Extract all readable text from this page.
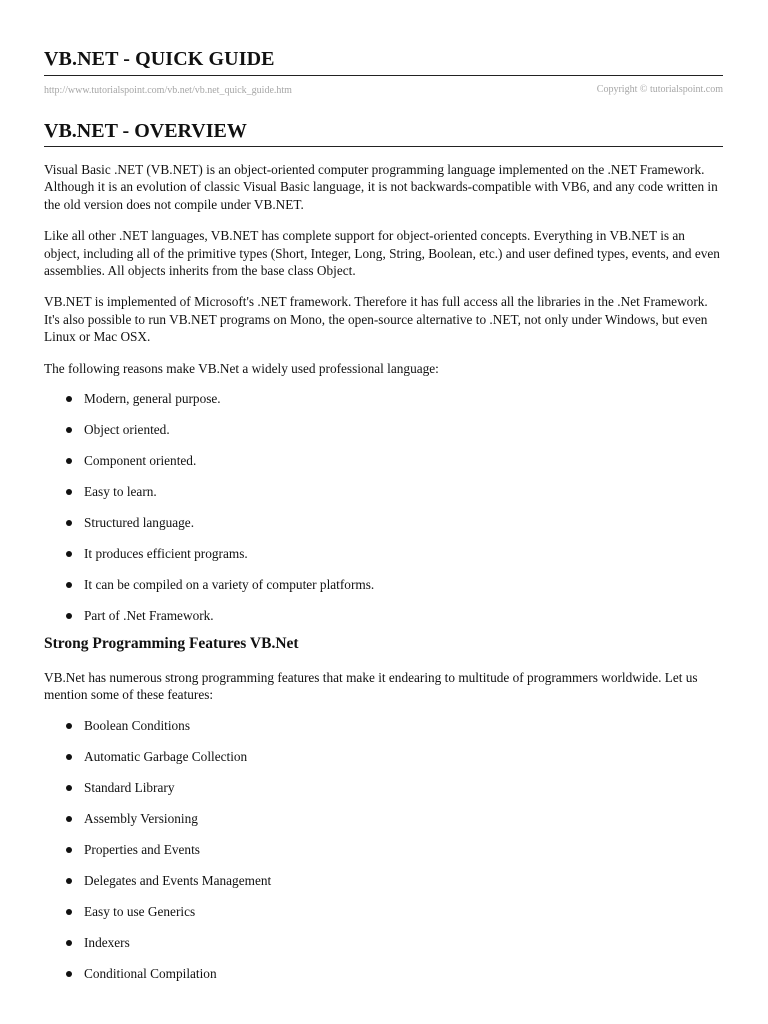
VB.NET - QUICK GUIDE
http://www.tutorialspoint.com/vb.net/vb.net_quick_guide.htm	Copyright © tutorialspoint.com
VB.NET - OVERVIEW

Visual Basic .NET (VB.NET) is an object-oriented computer programming language implemented on the .NET Framework. Although it is an evolution of classic Visual Basic language, it is not backwards-compatible with VB6, and any code written in the old version does not compile under VB.NET.

Like all other .NET languages, VB.NET has complete support for object-oriented concepts. Everything in VB.NET is an object, including all of the primitive types (Short, Integer, Long, String, Boolean, etc.) and user defined types, events, and even assemblies. All objects inherits from the base class Object.

VB.NET is implemented of Microsoft's .NET framework. Therefore it has full access all the libraries in the .Net Framework. It's also possible to run VB.NET programs on Mono, the open-source alternative to .NET, not only under Windows, but even Linux or Mac OSX.

The following reasons make VB.Net a widely used professional language:

Modern, general purpose.
Object oriented.
Component oriented.
Easy to learn.
Structured language.
It produces efficient programs.
It can be compiled on a variety of computer platforms.
Part of .Net Framework.
Strong Programming Features VB.Net

VB.Net has numerous strong programming features that make it endearing to multitude of programmers worldwide. Let us mention some of these features:

Boolean Conditions
Automatic Garbage Collection
Standard Library
Assembly Versioning
Properties and Events
Delegates and Events Management
Easy to use Generics
Indexers
Conditional Compilation
